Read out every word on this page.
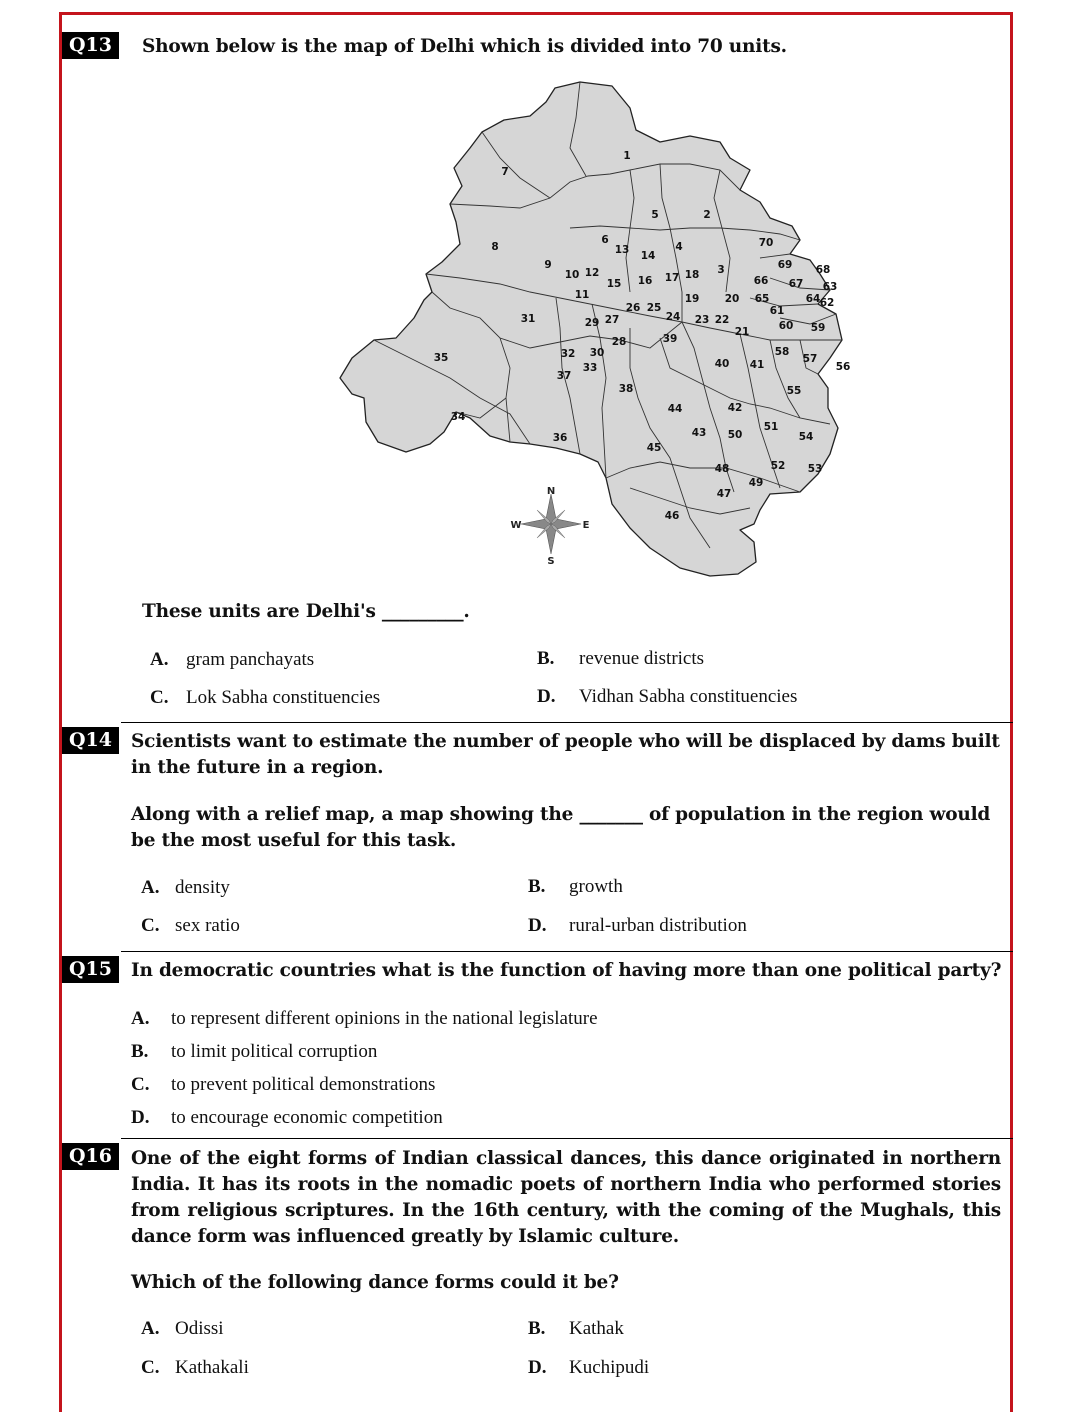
Q13	Shown below is the map of Delhi which is divided into 70 units.
1
2
3
4
5
6
7
8
9
10
11
12
13 14
15 16 17 18
19 20
21
22
23
24
25
26
27
28
29
30
31
32
33
34
35
36
37
38
39
40 41
42
43
44
45
46
47
48
49
50
51
52 53
54
55
56
57
58
59
60
61
62
63
64
65
66 67
68
69
70
N
S
E
W
These units are Delhi's _________.
A. gram panchayats	B. revenue districts
C. Lok Sabha constituencies	D. Vidhan Sabha constituencies
Q14	Scientists want to estimate the number of people who will be displaced by dams built in the future in a region.
Along with a relief map, a map showing the _______ of population in the region would be the most useful for this task.
A. density	B. growth
C. sex ratio	D. rural-urban distribution
Q15	In democratic countries what is the function of having more than one political party?
A. to represent different opinions in the national legislature
B. to limit political corruption
C. to prevent political demonstrations
D. to encourage economic competition
Q16	One of the eight forms of Indian classical dances, this dance originated in northern India. It has its roots in the nomadic poets of northern India who performed stories from religious scriptures. In the 16th century, with the coming of the Mughals, this dance form was influenced greatly by Islamic culture.
Which of the following dance forms could it be?
A. Odissi	B. Kathak
C. Kathakali	D. Kuchipudi
